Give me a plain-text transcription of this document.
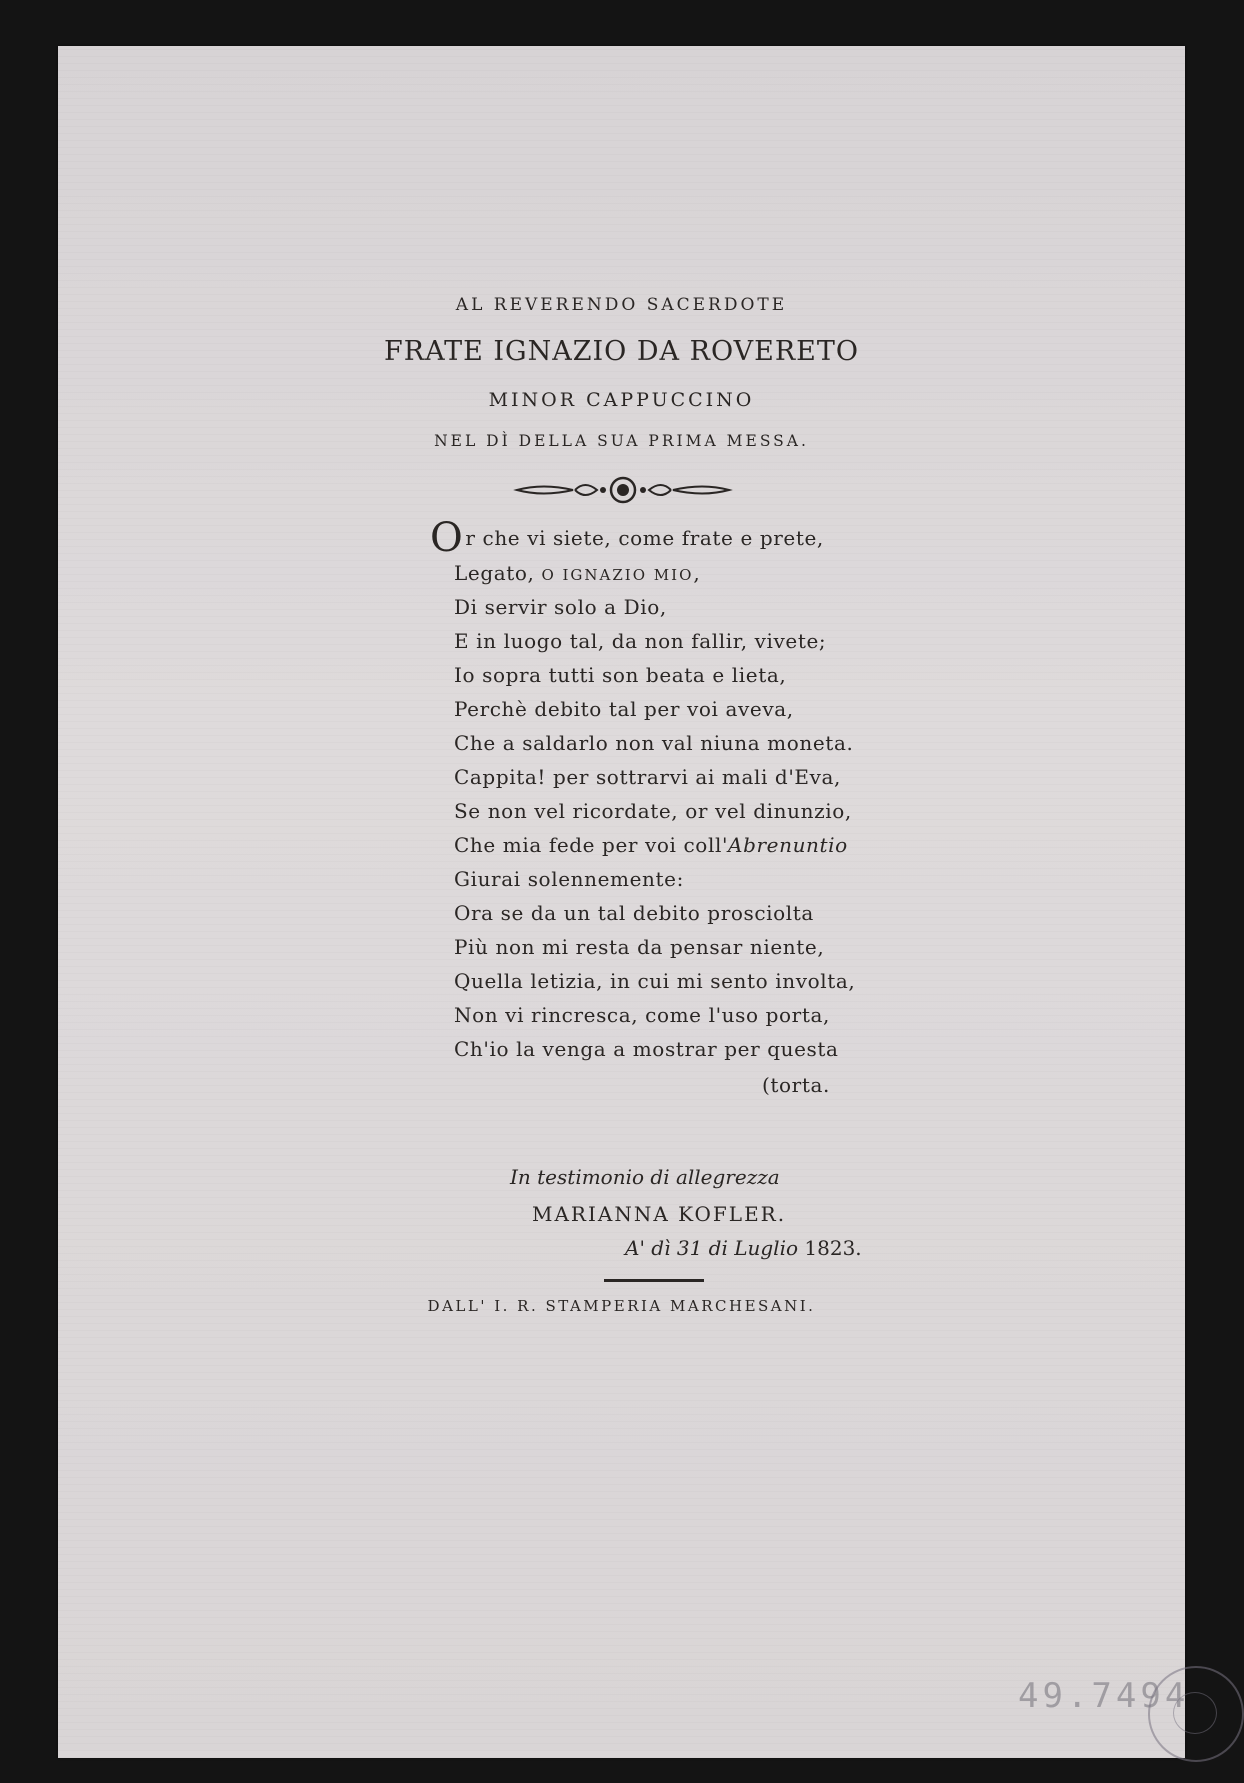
AL REVERENDO SACERDOTE
FRATE IGNAZIO DA ROVERETO
MINOR CAPPUCCINO
NEL DÌ DELLA SUA PRIMA MESSA.
Or che vi siete, come frate e prete,
Legato, O IGNAZIO MIO,
Di servir solo a Dio,
E in luogo tal, da non fallir, vivete;
Io sopra tutti son beata e lieta,
Perchè debito tal per voi aveva,
Che a saldarlo non val niuna moneta.
Cappita! per sottrarvi ai mali d'Eva,
Se non vel ricordate, or vel dinunzio,
Che mia fede per voi coll'Abrenuntio
Giurai solennemente:
Ora se da un tal debito prosciolta
Più non mi resta da pensar niente,
Quella letizia, in cui mi sento involta,
Non vi rincresca, come l'uso porta,
Ch'io la venga a mostrar per questa
(torta.
In testimonio di allegrezza
MARIANNA KOFLER.
A' dì 31 di Luglio 1823.
DALL' I. R. STAMPERIA MARCHESANI.
49.7494
